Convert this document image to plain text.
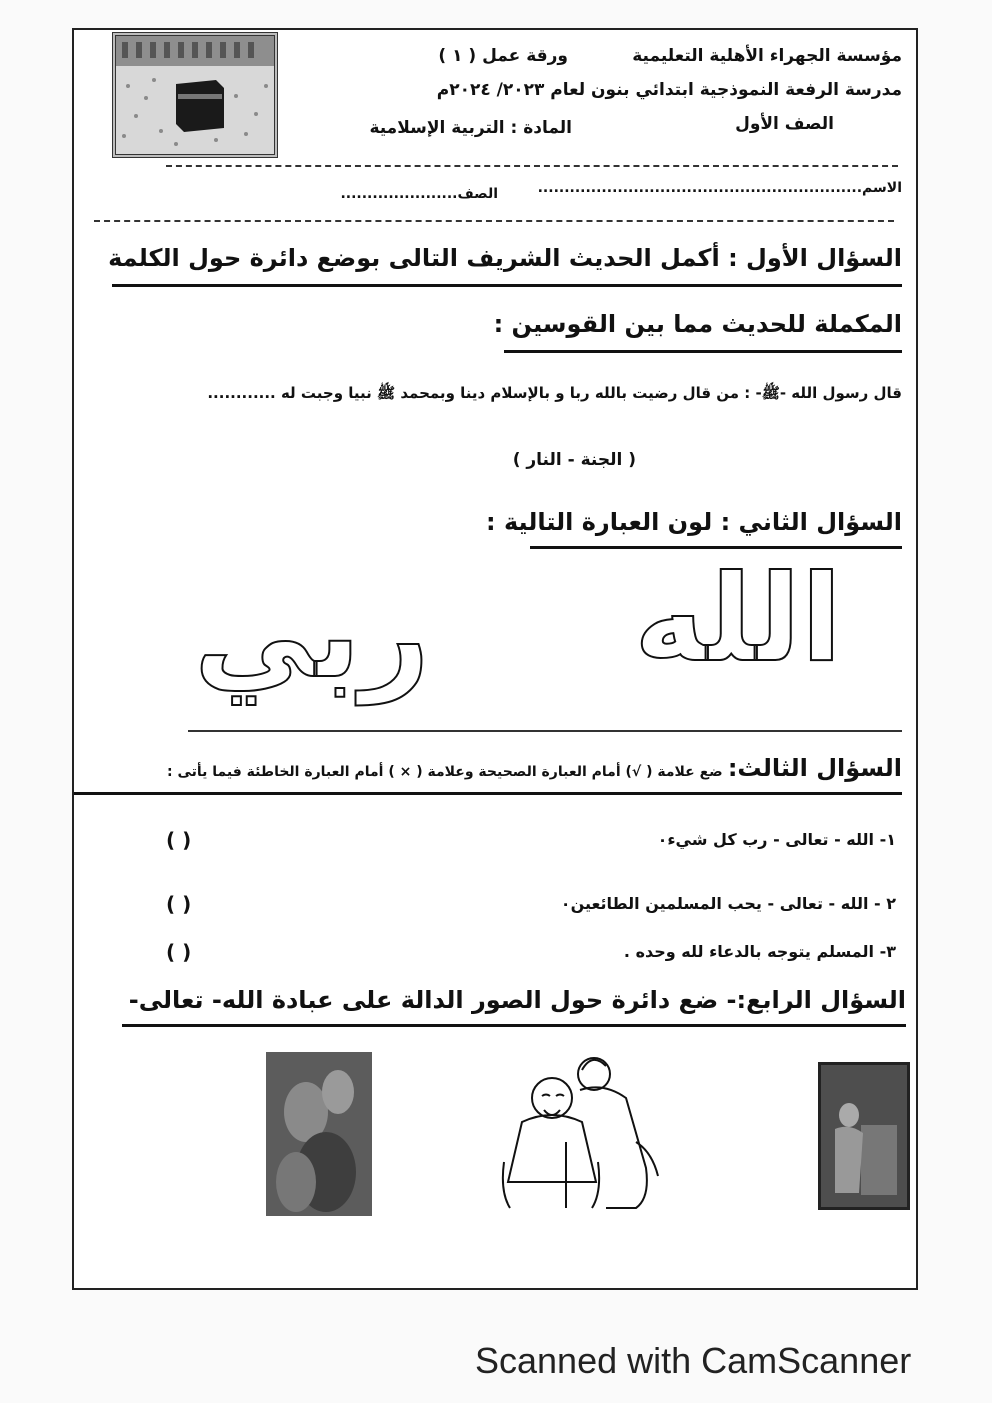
مؤسسة الجهراء الأهلية التعليمية
ورقة عمل ( ١ )
مدرسة الرفعة النموذجية ابتدائي بنون لعام ٢٠٢٣/ ٢٠٢٤م
الصف الأول
المادة : التربية الإسلامية
الاسم.............................................................
الصف......................
السؤال الأول : أكمل الحديث الشريف التالى بوضع دائرة حول الكلمة
المكملة للحديث مما بين القوسين :
قال رسول الله -ﷺ- : من قال رضيت بالله ربا و بالإسلام دينا وبمحمد ﷺ نبيا وجبت له ............
( الجنة - النار )
السؤال الثاني : لون العبارة التالية :
الله
ربي
السؤال الثالث: ضع علامة ( √) أمام العبارة الصحيحة وعلامة ( × ) أمام العبارة الخاطئة فيما يأتى :
١- الله - تعالى - رب كل شيء٠
( )
٢ - الله - تعالى - يحب المسلمين الطائعين٠
( )
٣- المسلم يتوجه بالدعاء لله وحده .
( )
السؤال الرابع:- ضع دائرة حول الصور الدالة على عبادة الله- تعالى-
Scanned with CamScanner
